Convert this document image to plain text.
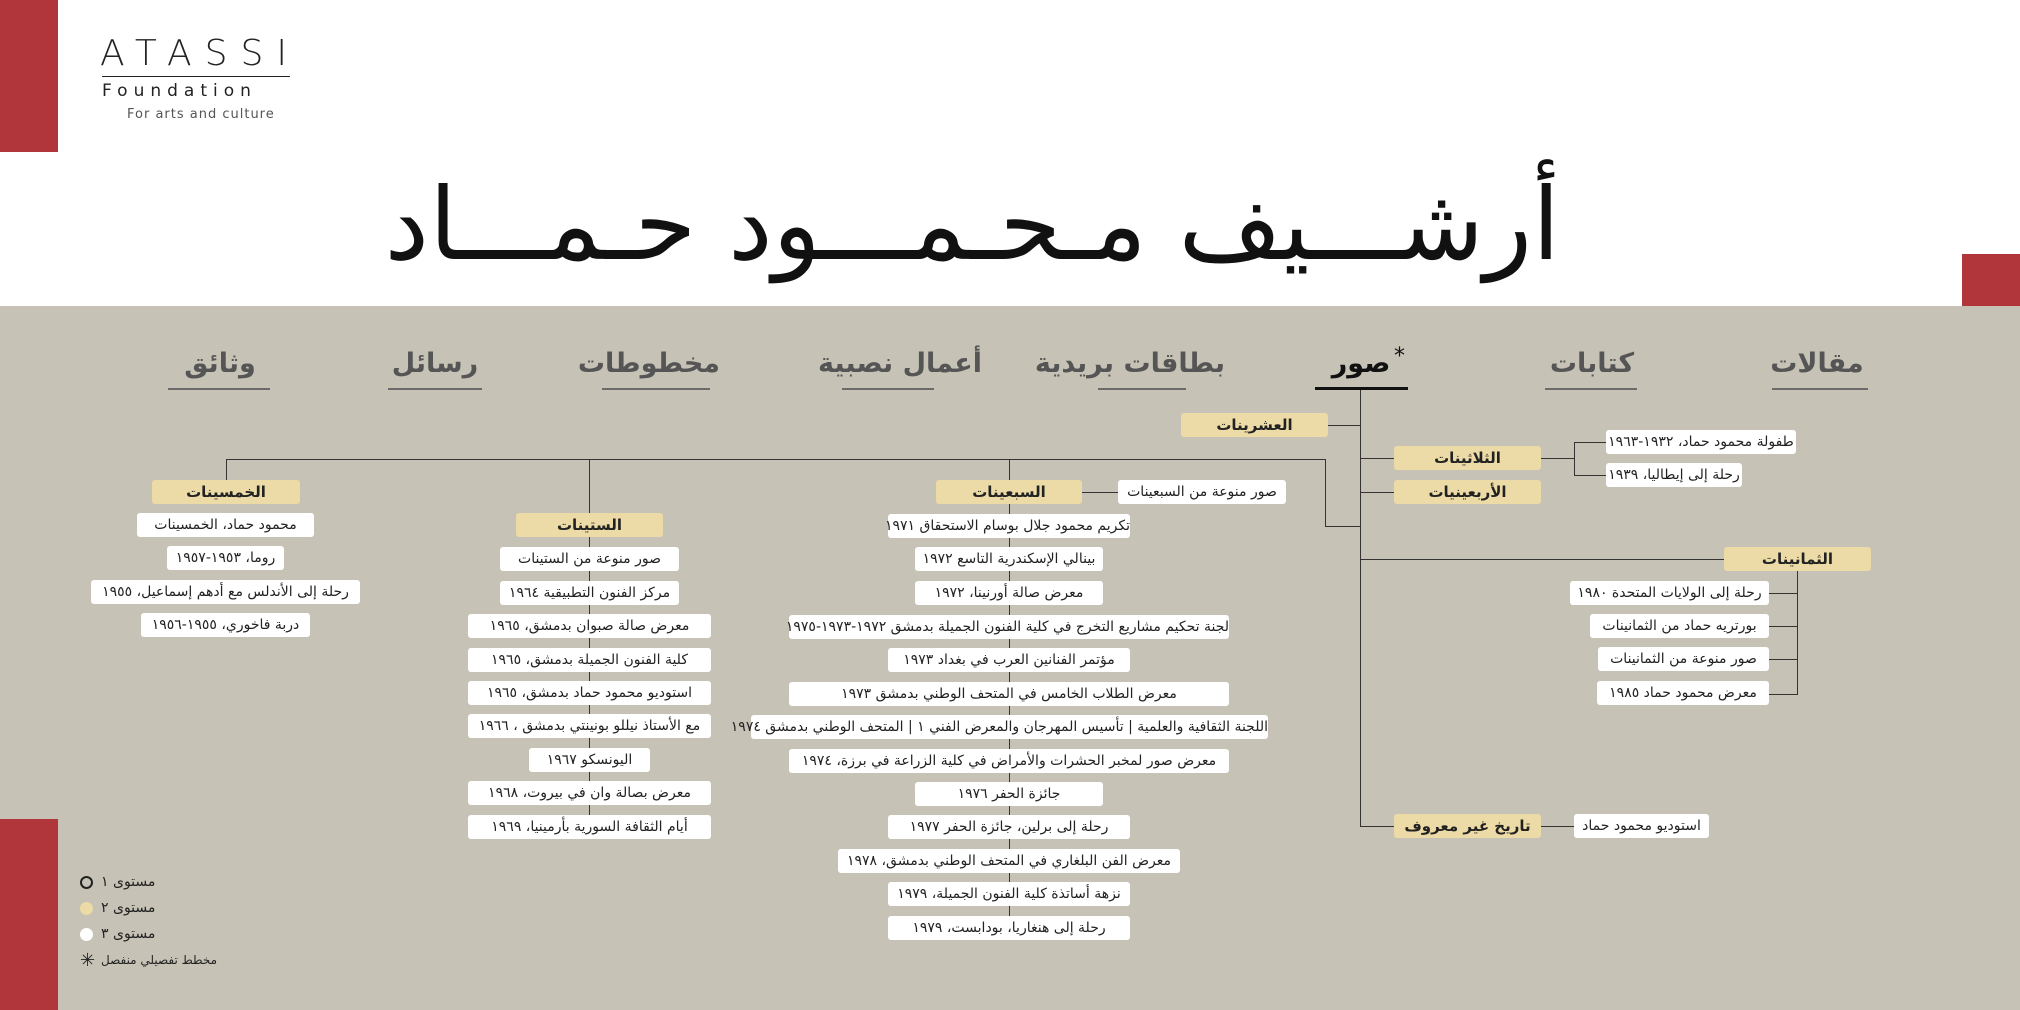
ATASSI
Foundation
For arts and culture
أرشـــيف مـحـمـــود حـمـــاد
مقالات
كتابات
صور *
بطاقات بريدية
أعمال نصبية
مخطوطات
رسائل
وثائق
العشرينات
الثلاثينات
الأربعينيات
الخمسينات
الستينات
السبعينات
الثمانينات
تاريخ غير معروف
طفولة محمود حماد، ١٩٣٢-١٩٦٣
رحلة إلى إيطاليا، ١٩٣٩
محمود حماد، الخمسينات
روما، ١٩٥٣-١٩٥٧
رحلة إلى الأندلس مع أدهم إسماعيل، ١٩٥٥
دربة فاخوري، ١٩٥٥-١٩٥٦
صور منوعة من الستينات
مركز الفنون التطبيقية ١٩٦٤
معرض صالة صبوان بدمشق، ١٩٦٥
كلية الفنون الجميلة بدمشق، ١٩٦٥
استوديو محمود حماد بدمشق، ١٩٦٥
مع الأستاذ نيللو بونينتي بدمشق ، ١٩٦٦
اليونسكو ١٩٦٧
معرض بصالة وان في بيروت، ١٩٦٨
أيام الثقافة السورية بأرمينيا، ١٩٦٩
صور منوعة من السبعينات
تكريم محمود جلال بوسام الاستحقاق ١٩٧١
بينالي الإسكندرية التاسع ١٩٧٢
معرض صالة أورنينا، ١٩٧٢
لجنة تحكيم مشاريع التخرج في كلية الفنون الجميلة بدمشق ١٩٧٢-١٩٧٣-١٩٧٥
مؤتمر الفنانين العرب في بغداد ١٩٧٣
معرض الطلاب الخامس في المتحف الوطني بدمشق ١٩٧٣
اللجنة الثقافية والعلمية | تأسيس المهرجان والمعرض الفني ١ | المتحف الوطني بدمشق ١٩٧٤
معرض صور لمخبر الحشرات والأمراض في كلية الزراعة في برزة، ١٩٧٤
جائزة الحفر ١٩٧٦
رحلة إلى برلين، جائزة الحفر ١٩٧٧
معرض الفن البلغاري في المتحف الوطني بدمشق، ١٩٧٨
نزهة أساتذة كلية الفنون الجميلة، ١٩٧٩
رحلة إلى هنغاريا، بودابست، ١٩٧٩
رحلة إلى الولايات المتحدة ١٩٨٠
بورتريه حماد من الثمانينات
صور منوعة من الثمانينات
معرض محمود حماد ١٩٨٥
استوديو محمود حماد
مستوى ١
مستوى ٢
مستوى ٣
✳ مخطط تفصيلي منفصل
